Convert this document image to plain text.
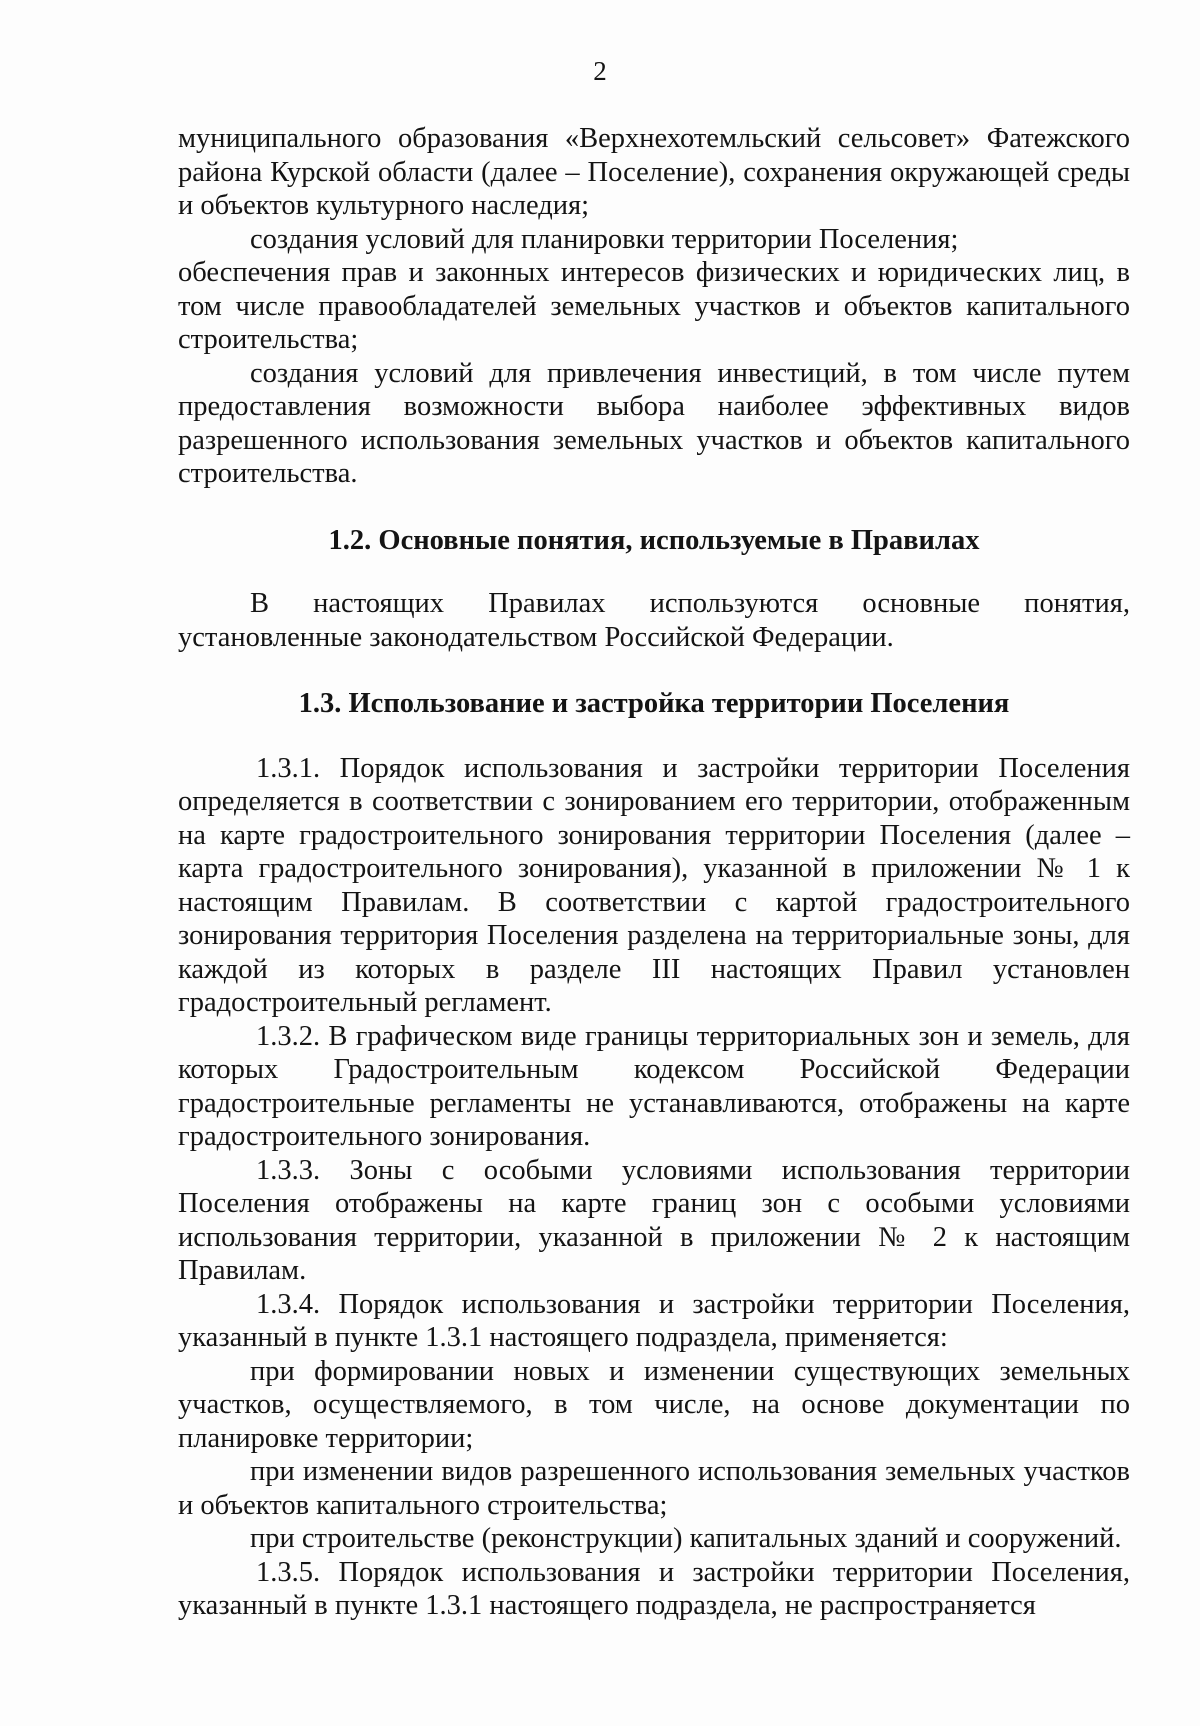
2

муниципального образования «Верхнехотемльский сельсовет» Фатежского района Курской области (далее – Поселение), сохранения окружающей среды и объектов культурного наследия;

создания условий для планировки территории Поселения;

обеспечения прав и законных интересов физических и юридических лиц, в том числе правообладателей земельных участков и объектов капитального строительства;

создания условий для привлечения инвестиций, в том числе путем предоставления возможности выбора наиболее эффективных видов разрешенного использования земельных участков и объектов капитального строительства.

1.2. Основные понятия, используемые в Правилах

В настоящих Правилах используются основные понятия, установленные законодательством Российской Федерации.

1.3. Использование и застройка территории Поселения

1.3.1. Порядок использования и застройки территории Поселения определяется в соответствии с зонированием его территории, отображенным на карте градостроительного зонирования территории Поселения (далее – карта градостроительного зонирования), указанной в приложении № 1 к настоящим Правилам. В соответствии с картой градостроительного зонирования территория Поселения разделена на территориальные зоны, для каждой из которых в разделе III настоящих Правил установлен градостроительный регламент.

1.3.2. В графическом виде границы территориальных зон и земель, для которых Градостроительным кодексом Российской Федерации градостроительные регламенты не устанавливаются, отображены на карте градостроительного зонирования.

1.3.3. Зоны с особыми условиями использования территории Поселения отображены на карте границ зон с особыми условиями использования территории, указанной в приложении № 2 к настоящим Правилам.

1.3.4. Порядок использования и застройки территории Поселения, указанный в пункте 1.3.1 настоящего подраздела, применяется:

при формировании новых и изменении существующих земельных участков, осуществляемого, в том числе, на основе документации по планировке территории;

при изменении видов разрешенного использования земельных участков и объектов капитального строительства;

при строительстве (реконструкции) капитальных зданий и сооружений.

1.3.5. Порядок использования и застройки территории Поселения, указанный в пункте 1.3.1 настоящего подраздела, не распространяется
